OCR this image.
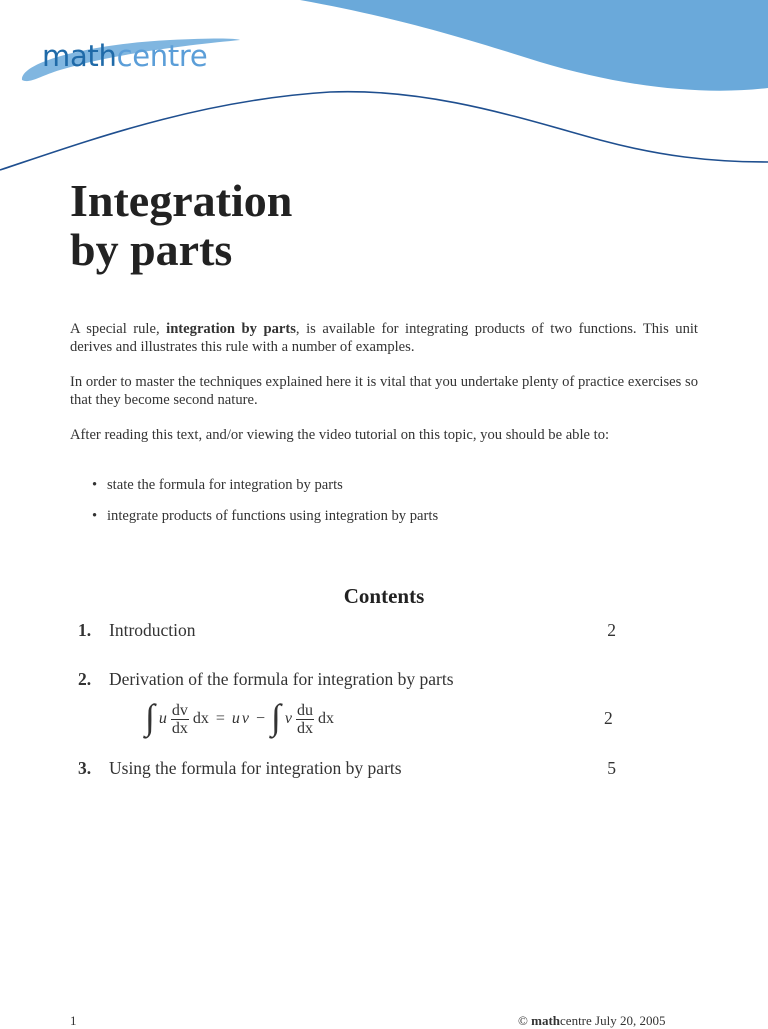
mathcentre
Integration
by parts

A special rule, integration by parts, is available for integrating products of two functions. This unit derives and illustrates this rule with a number of examples.

In order to master the techniques explained here it is vital that you undertake plenty of practice exercises so that they become second nature.

After reading this text, and/or viewing the video tutorial on this topic, you should be able to:

• state the formula for integration by parts
• integrate products of functions using integration by parts
Contents
1. Introduction	2
2. Derivation of the formula for integration by parts
∫ u $\frac{dv}{dx}$ dx = u v − ∫ v $\frac{du}{dx}$ dx	2
3. Using the formula for integration by parts	5
1	© mathcentre July 20, 2005
